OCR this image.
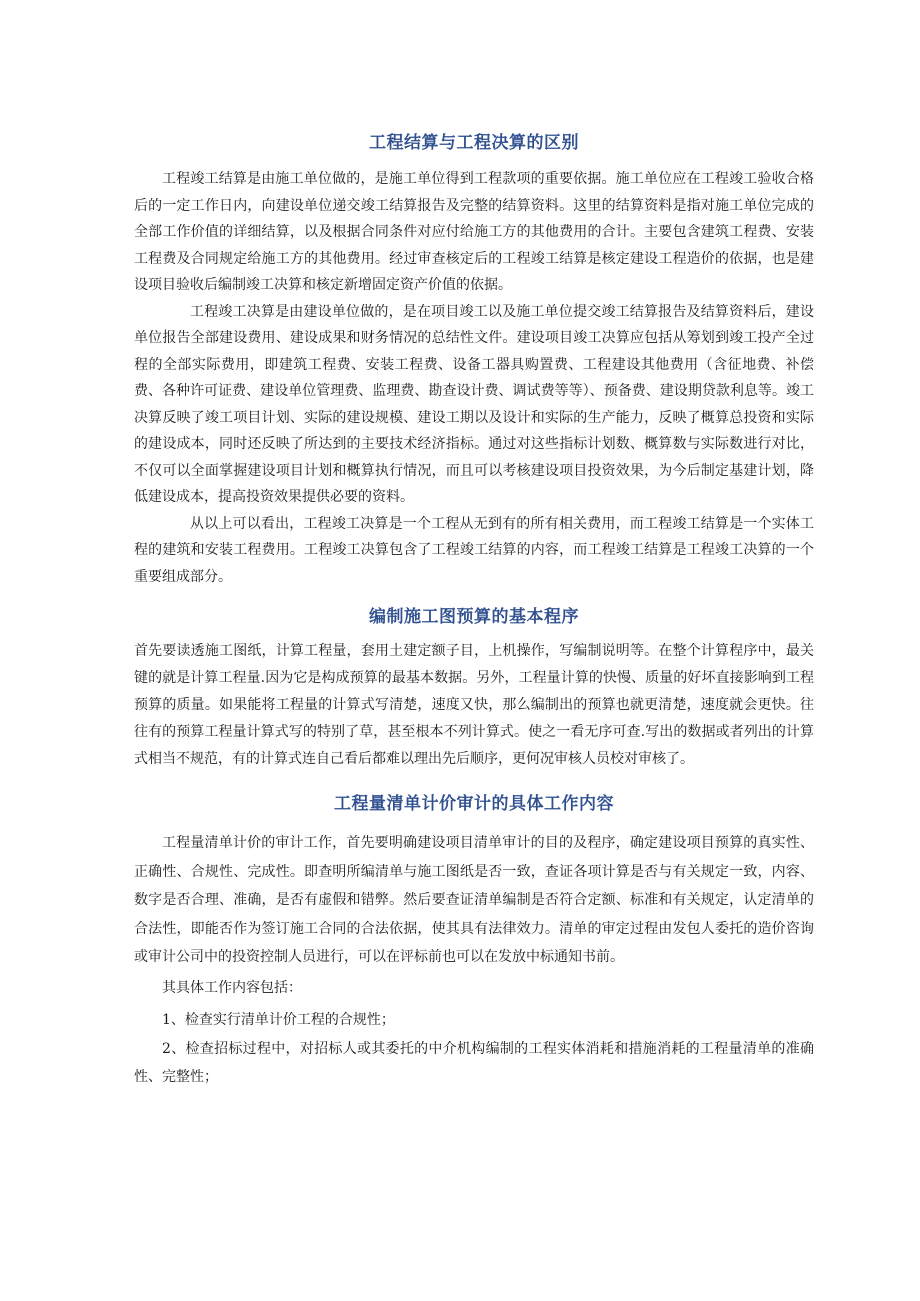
工程结算与工程决算的区别

工程竣工结算是由施工单位做的，是施工单位得到工程款项的重要依据。施工单位应在工程竣工验收合格后的一定工作日内，向建设单位递交竣工结算报告及完整的结算资料。这里的结算资料是指对施工单位完成的全部工作价值的详细结算，以及根据合同条件对应付给施工方的其他费用的合计。主要包含建筑工程费、安装工程费及合同规定给施工方的其他费用。经过审查核定后的工程竣工结算是核定建设工程造价的依据，也是建设项目验收后编制竣工决算和核定新增固定资产价值的依据。

工程竣工决算是由建设单位做的，是在项目竣工以及施工单位提交竣工结算报告及结算资料后，建设单位报告全部建设费用、建设成果和财务情况的总结性文件。建设项目竣工决算应包括从筹划到竣工投产全过程的全部实际费用，即建筑工程费、安装工程费、设备工器具购置费、工程建设其他费用（含征地费、补偿费、各种许可证费、建设单位管理费、监理费、勘查设计费、调试费等等）、预备费、建设期贷款利息等。竣工决算反映了竣工项目计划、实际的建设规模、建设工期以及设计和实际的生产能力，反映了概算总投资和实际的建设成本，同时还反映了所达到的主要技术经济指标。通过对这些指标计划数、概算数与实际数进行对比，不仅可以全面掌握建设项目计划和概算执行情况，而且可以考核建设项目投资效果，为今后制定基建计划，降低建设成本，提高投资效果提供必要的资料。

从以上可以看出，工程竣工决算是一个工程从无到有的所有相关费用，而工程竣工结算是一个实体工程的建筑和安装工程费用。工程竣工决算包含了工程竣工结算的内容，而工程竣工结算是工程竣工决算的一个重要组成部分。

编制施工图预算的基本程序

首先要读透施工图纸，计算工程量，套用土建定额子目，上机操作，写编制说明等。在整个计算程序中，最关键的就是计算工程量.因为它是构成预算的最基本数据。另外，工程量计算的快慢、质量的好坏直接影响到工程预算的质量。如果能将工程量的计算式写清楚，速度又快，那么编制出的预算也就更清楚，速度就会更快。往往有的预算工程量计算式写的特别了草，甚至根本不列计算式。使之一看无序可查.写出的数据或者列出的计算式相当不规范，有的计算式连自己看后都难以理出先后顺序，更何况审核人员校对审核了。

工程量清单计价审计的具体工作内容

工程量清单计价的审计工作，首先要明确建设项目清单审计的目的及程序，确定建设项目预算的真实性、正确性、合规性、完成性。即查明所编清单与施工图纸是否一致，查证各项计算是否与有关规定一致，内容、数字是否合理、准确，是否有虚假和错弊。然后要查证清单编制是否符合定额、标准和有关规定，认定清单的合法性，即能否作为签订施工合同的合法依据，使其具有法律效力。清单的审定过程由发包人委托的造价咨询或审计公司中的投资控制人员进行，可以在评标前也可以在发放中标通知书前。

其具体工作内容包括：

1、检查实行清单计价工程的合规性；

2、检查招标过程中，对招标人或其委托的中介机构编制的工程实体消耗和措施消耗的工程量清单的准确性、完整性；
